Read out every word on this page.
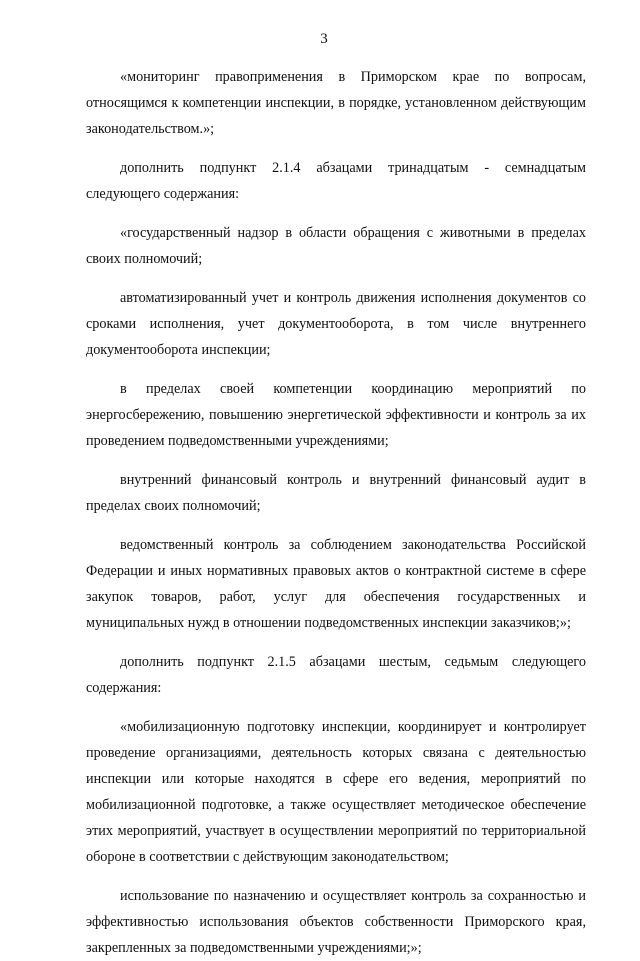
3

«мониторинг правоприменения в Приморском крае по вопросам, относящимся к компетенции инспекции, в порядке, установленном действующим законодательством.»;

дополнить подпункт 2.1.4 абзацами тринадцатым - семнадцатым следующего содержания:

«государственный надзор в области обращения с животными в пределах своих полномочий;

автоматизированный учет и контроль движения исполнения документов со сроками исполнения, учет документооборота, в том числе внутреннего документооборота инспекции;

в пределах своей компетенции координацию мероприятий по энергосбережению, повышению энергетической эффективности и контроль за их проведением подведомственными учреждениями;

внутренний финансовый контроль и внутренний финансовый аудит в пределах своих полномочий;

ведомственный контроль за соблюдением законодательства Российской Федерации и иных нормативных правовых актов о контрактной системе в сфере закупок товаров, работ, услуг для обеспечения государственных и муниципальных нужд в отношении подведомственных инспекции заказчиков;»;

дополнить подпункт 2.1.5 абзацами шестым, седьмым следующего содержания:

«мобилизационную подготовку инспекции, координирует и контролирует проведение организациями, деятельность которых связана с деятельностью инспекции или которые находятся в сфере его ведения, мероприятий по мобилизационной подготовке, а также осуществляет методическое обеспечение этих мероприятий, участвует в осуществлении мероприятий по территориальной обороне в соответствии с действующим законодательством;

использование по назначению и осуществляет контроль за сохранностью и эффективностью использования объектов собственности Приморского края, закрепленных за подведомственными учреждениями;»;
